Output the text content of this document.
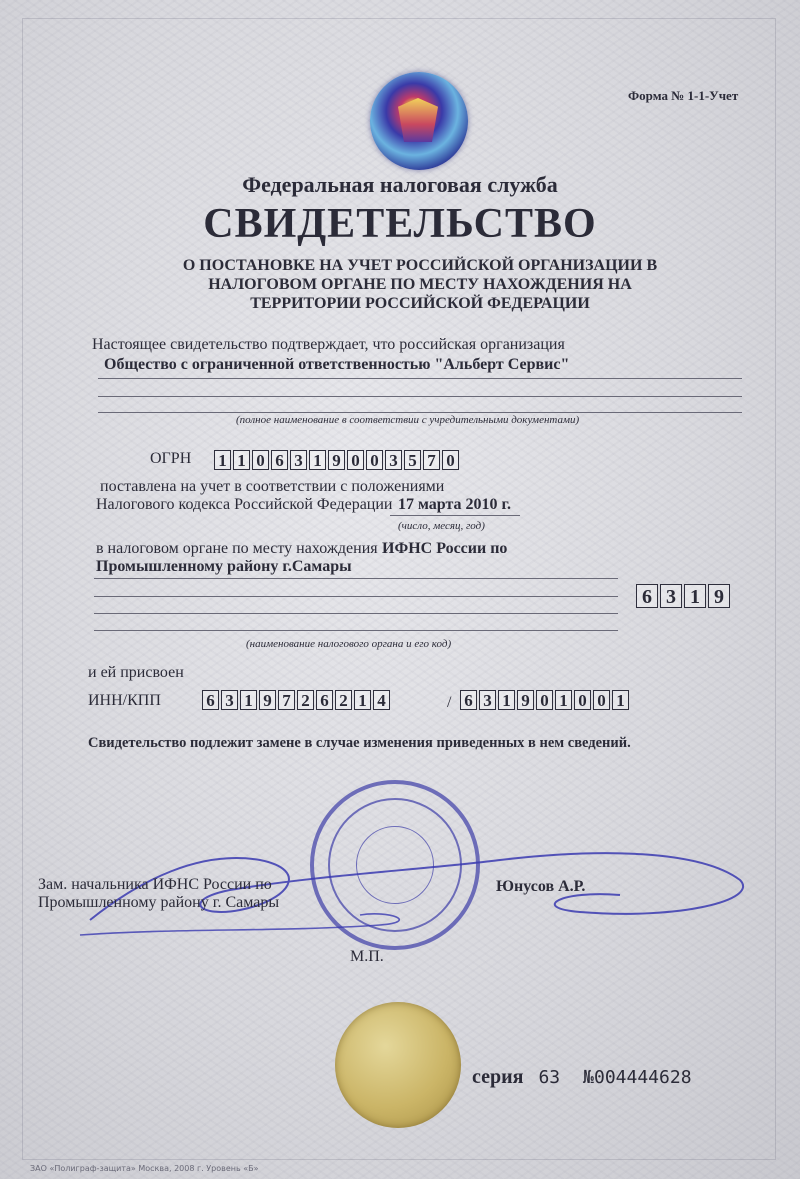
Форма № 1-1-Учет
Федеральная налоговая служба
СВИДЕТЕЛЬСТВО
О ПОСТАНОВКЕ НА УЧЕТ РОССИЙСКОЙ ОРГАНИЗАЦИИ В НАЛОГОВОМ ОРГАНЕ ПО МЕСТУ НАХОЖДЕНИЯ НА ТЕРРИТОРИИ РОССИЙСКОЙ ФЕДЕРАЦИИ
Настоящее свидетельство подтверждает, что российская организация
Общество с ограниченной ответственностью "Альберт Сервис"
(полное наименование в соответствии с учредительными документами)
ОГРН 1 1 0 6 3 1 9 0 0 3 5 7 0
поставлена на учет в соответствии с положениями
Налогового кодекса Российской Федерации 17 марта 2010 г.
(число, месяц, год)
в налоговом органе по месту нахождения ИФНС России по
Промышленному району г.Самары
6 3 1 9
(наименование налогового органа и его код)
и ей присвоен
ИНН/КПП	6 3 1 9 7 2 6 2 1 4	/ 6 3 1 9 0 1 0 0 1
Свидетельство подлежит замене в случае изменения приведенных в нем сведений.
Зам. начальника ИФНС России по
Промышленному району г. Самары
Юнусов А.Р.
М.П.
серия 63 №004444628
ЗАО «Полиграф-защита» Москва, 2008 г. Уровень «Б»
